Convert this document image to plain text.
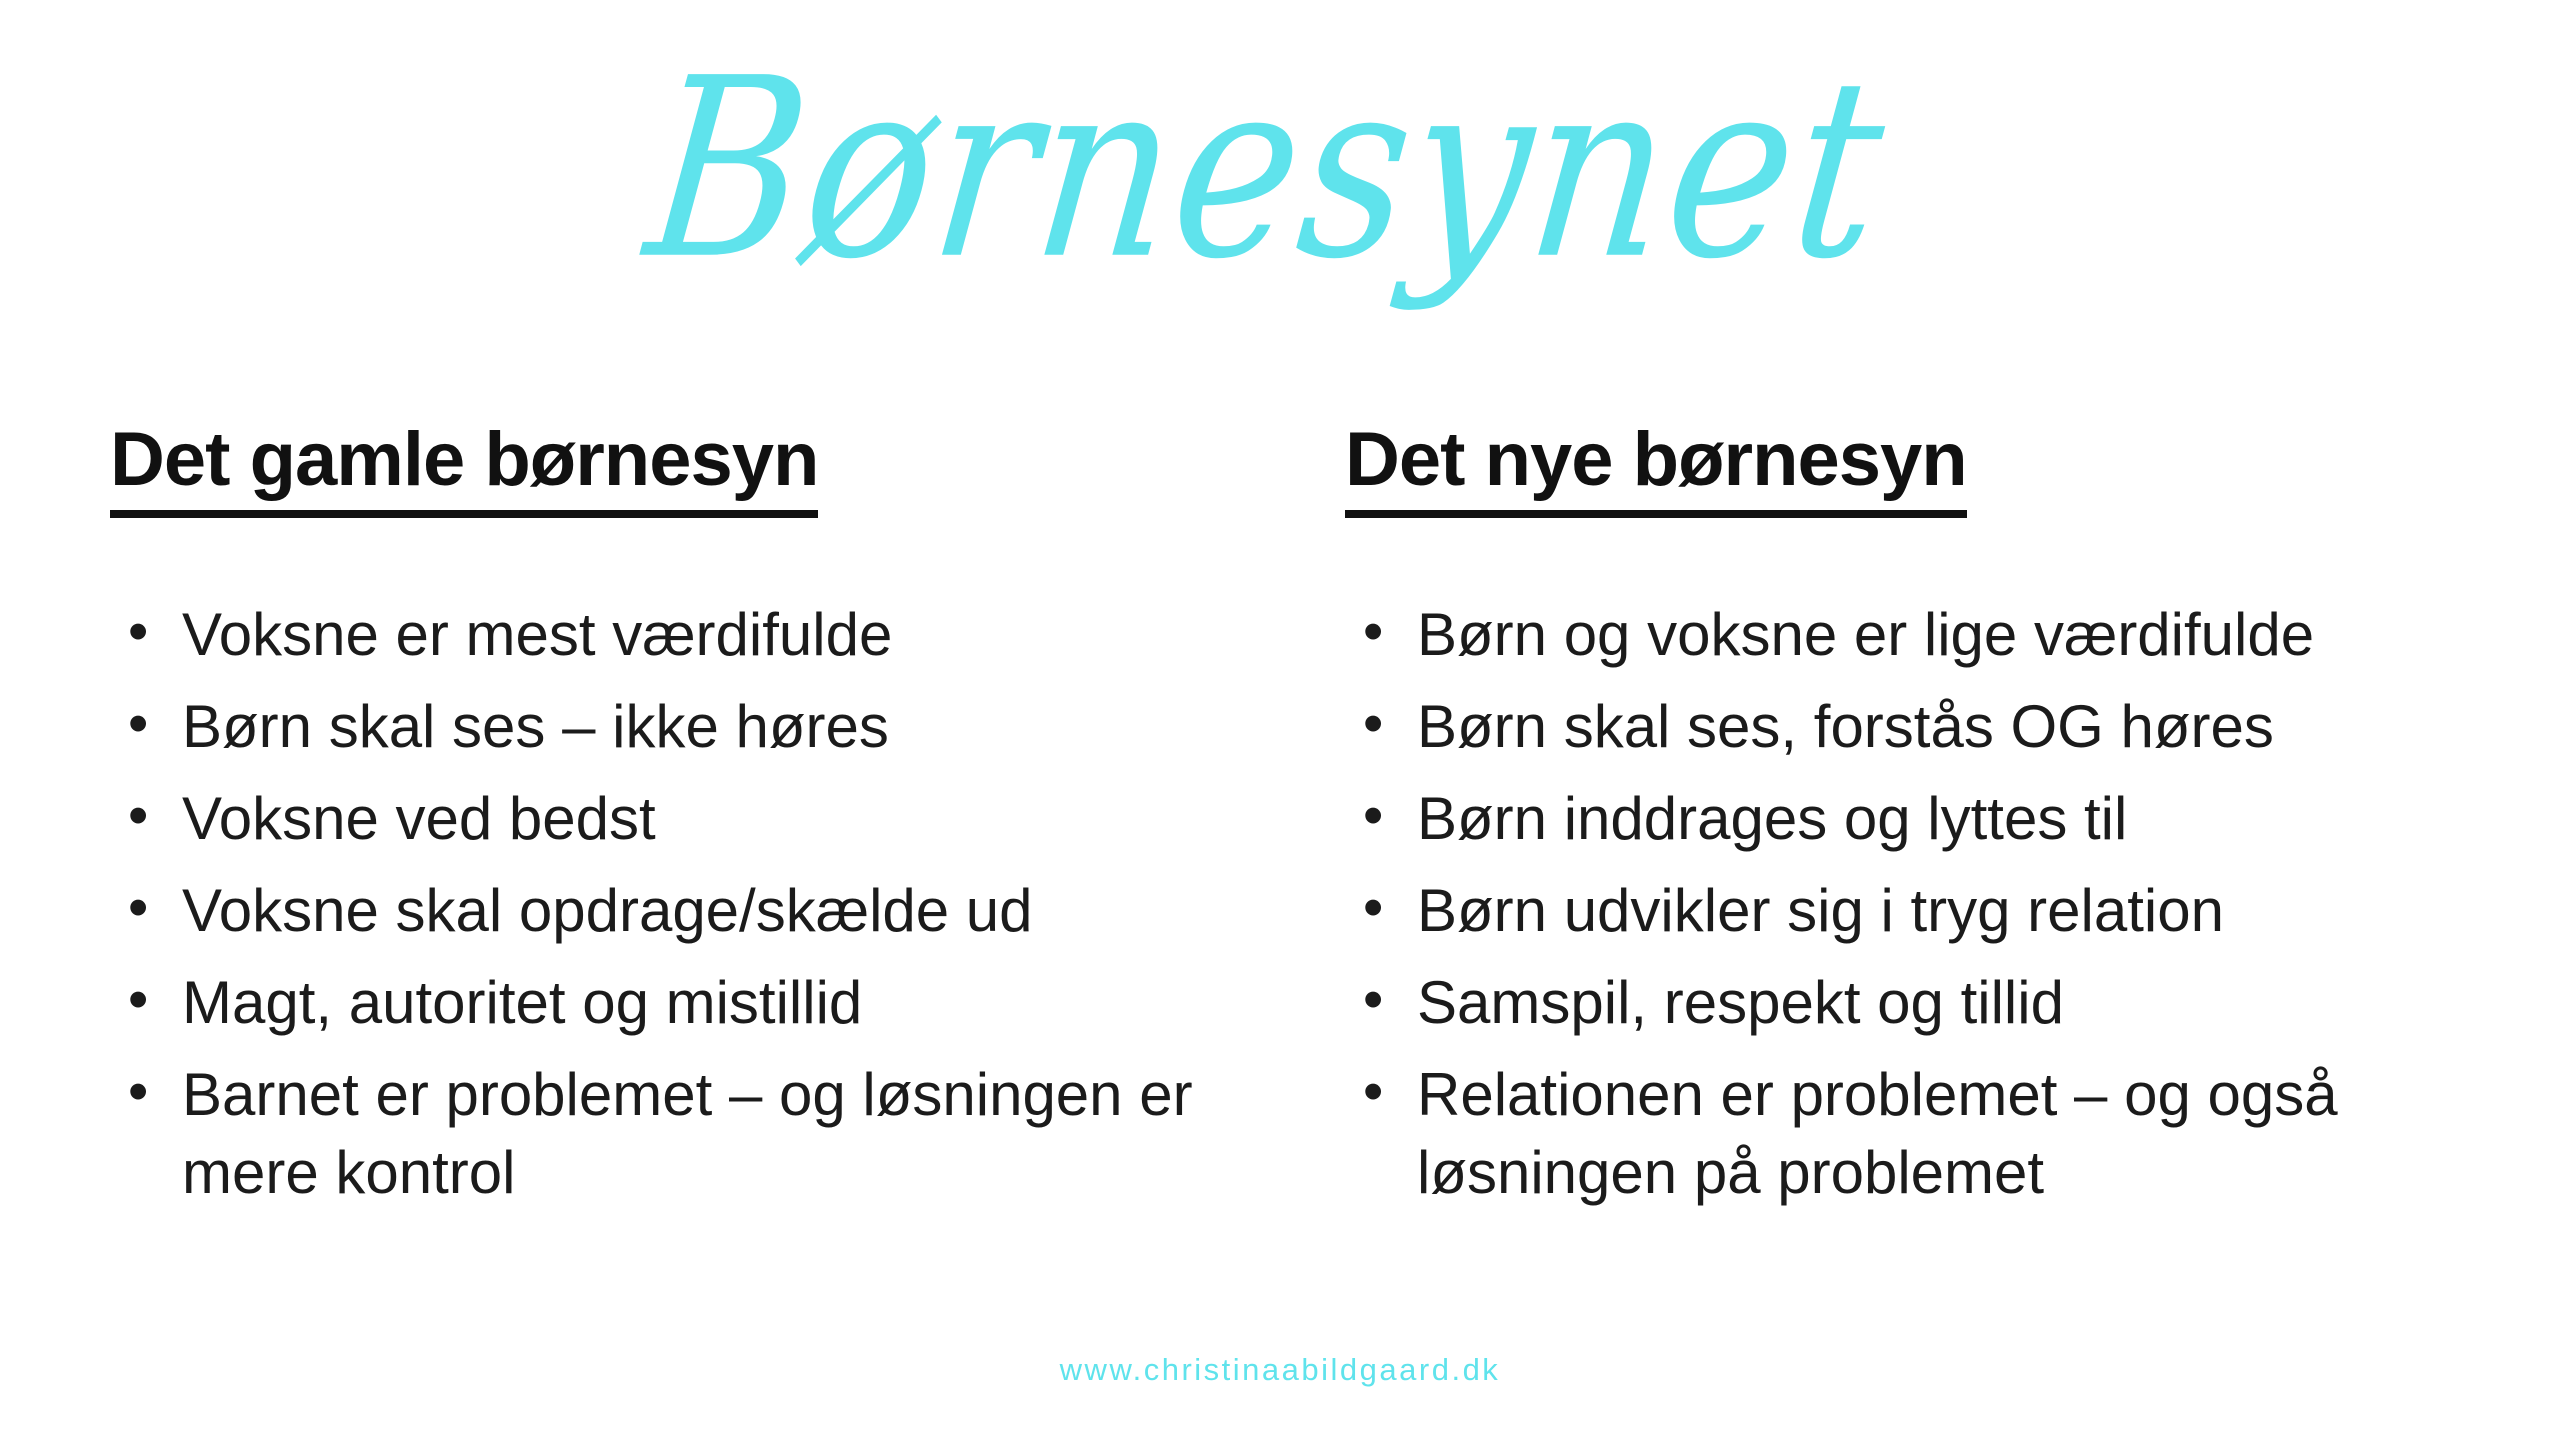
Børnesynet
Det gamle børnesyn
• Voksne er mest værdifulde
• Børn skal ses – ikke høres
• Voksne ved bedst
• Voksne skal opdrage/skælde ud
• Magt, autoritet og mistillid
• Barnet er problemet – og løsningen er mere kontrol
Det nye børnesyn
• Børn og voksne er lige værdifulde
• Børn skal ses, forstås OG høres
• Børn inddrages og lyttes til
• Børn udvikler sig i tryg relation
• Samspil, respekt og tillid
• Relationen er problemet – og også løsningen på problemet
www.christinaabildgaard.dk
